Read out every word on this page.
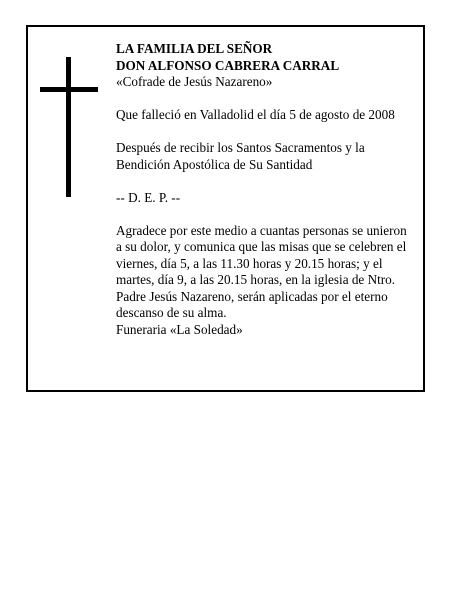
LA FAMILIA DEL SEÑOR

DON ALFONSO CABRERA CARRAL

«Cofrade de Jesús Nazareno»

Que falleció en Valladolid el día 5 de agosto de 2008

Después de recibir los Santos Sacramentos y la

Bendición Apostólica de Su Santidad

-- D. E. P. --

Agradece por este medio a cuantas personas se unieron

a su dolor, y comunica que las misas que se celebren el

viernes, día 5, a las 11.30 horas y 20.15 horas; y el

martes, día 9, a las 20.15 horas, en la iglesia de Ntro.

Padre Jesús Nazareno, serán aplicadas por el eterno

descanso de su alma.

Funeraria «La Soledad»
